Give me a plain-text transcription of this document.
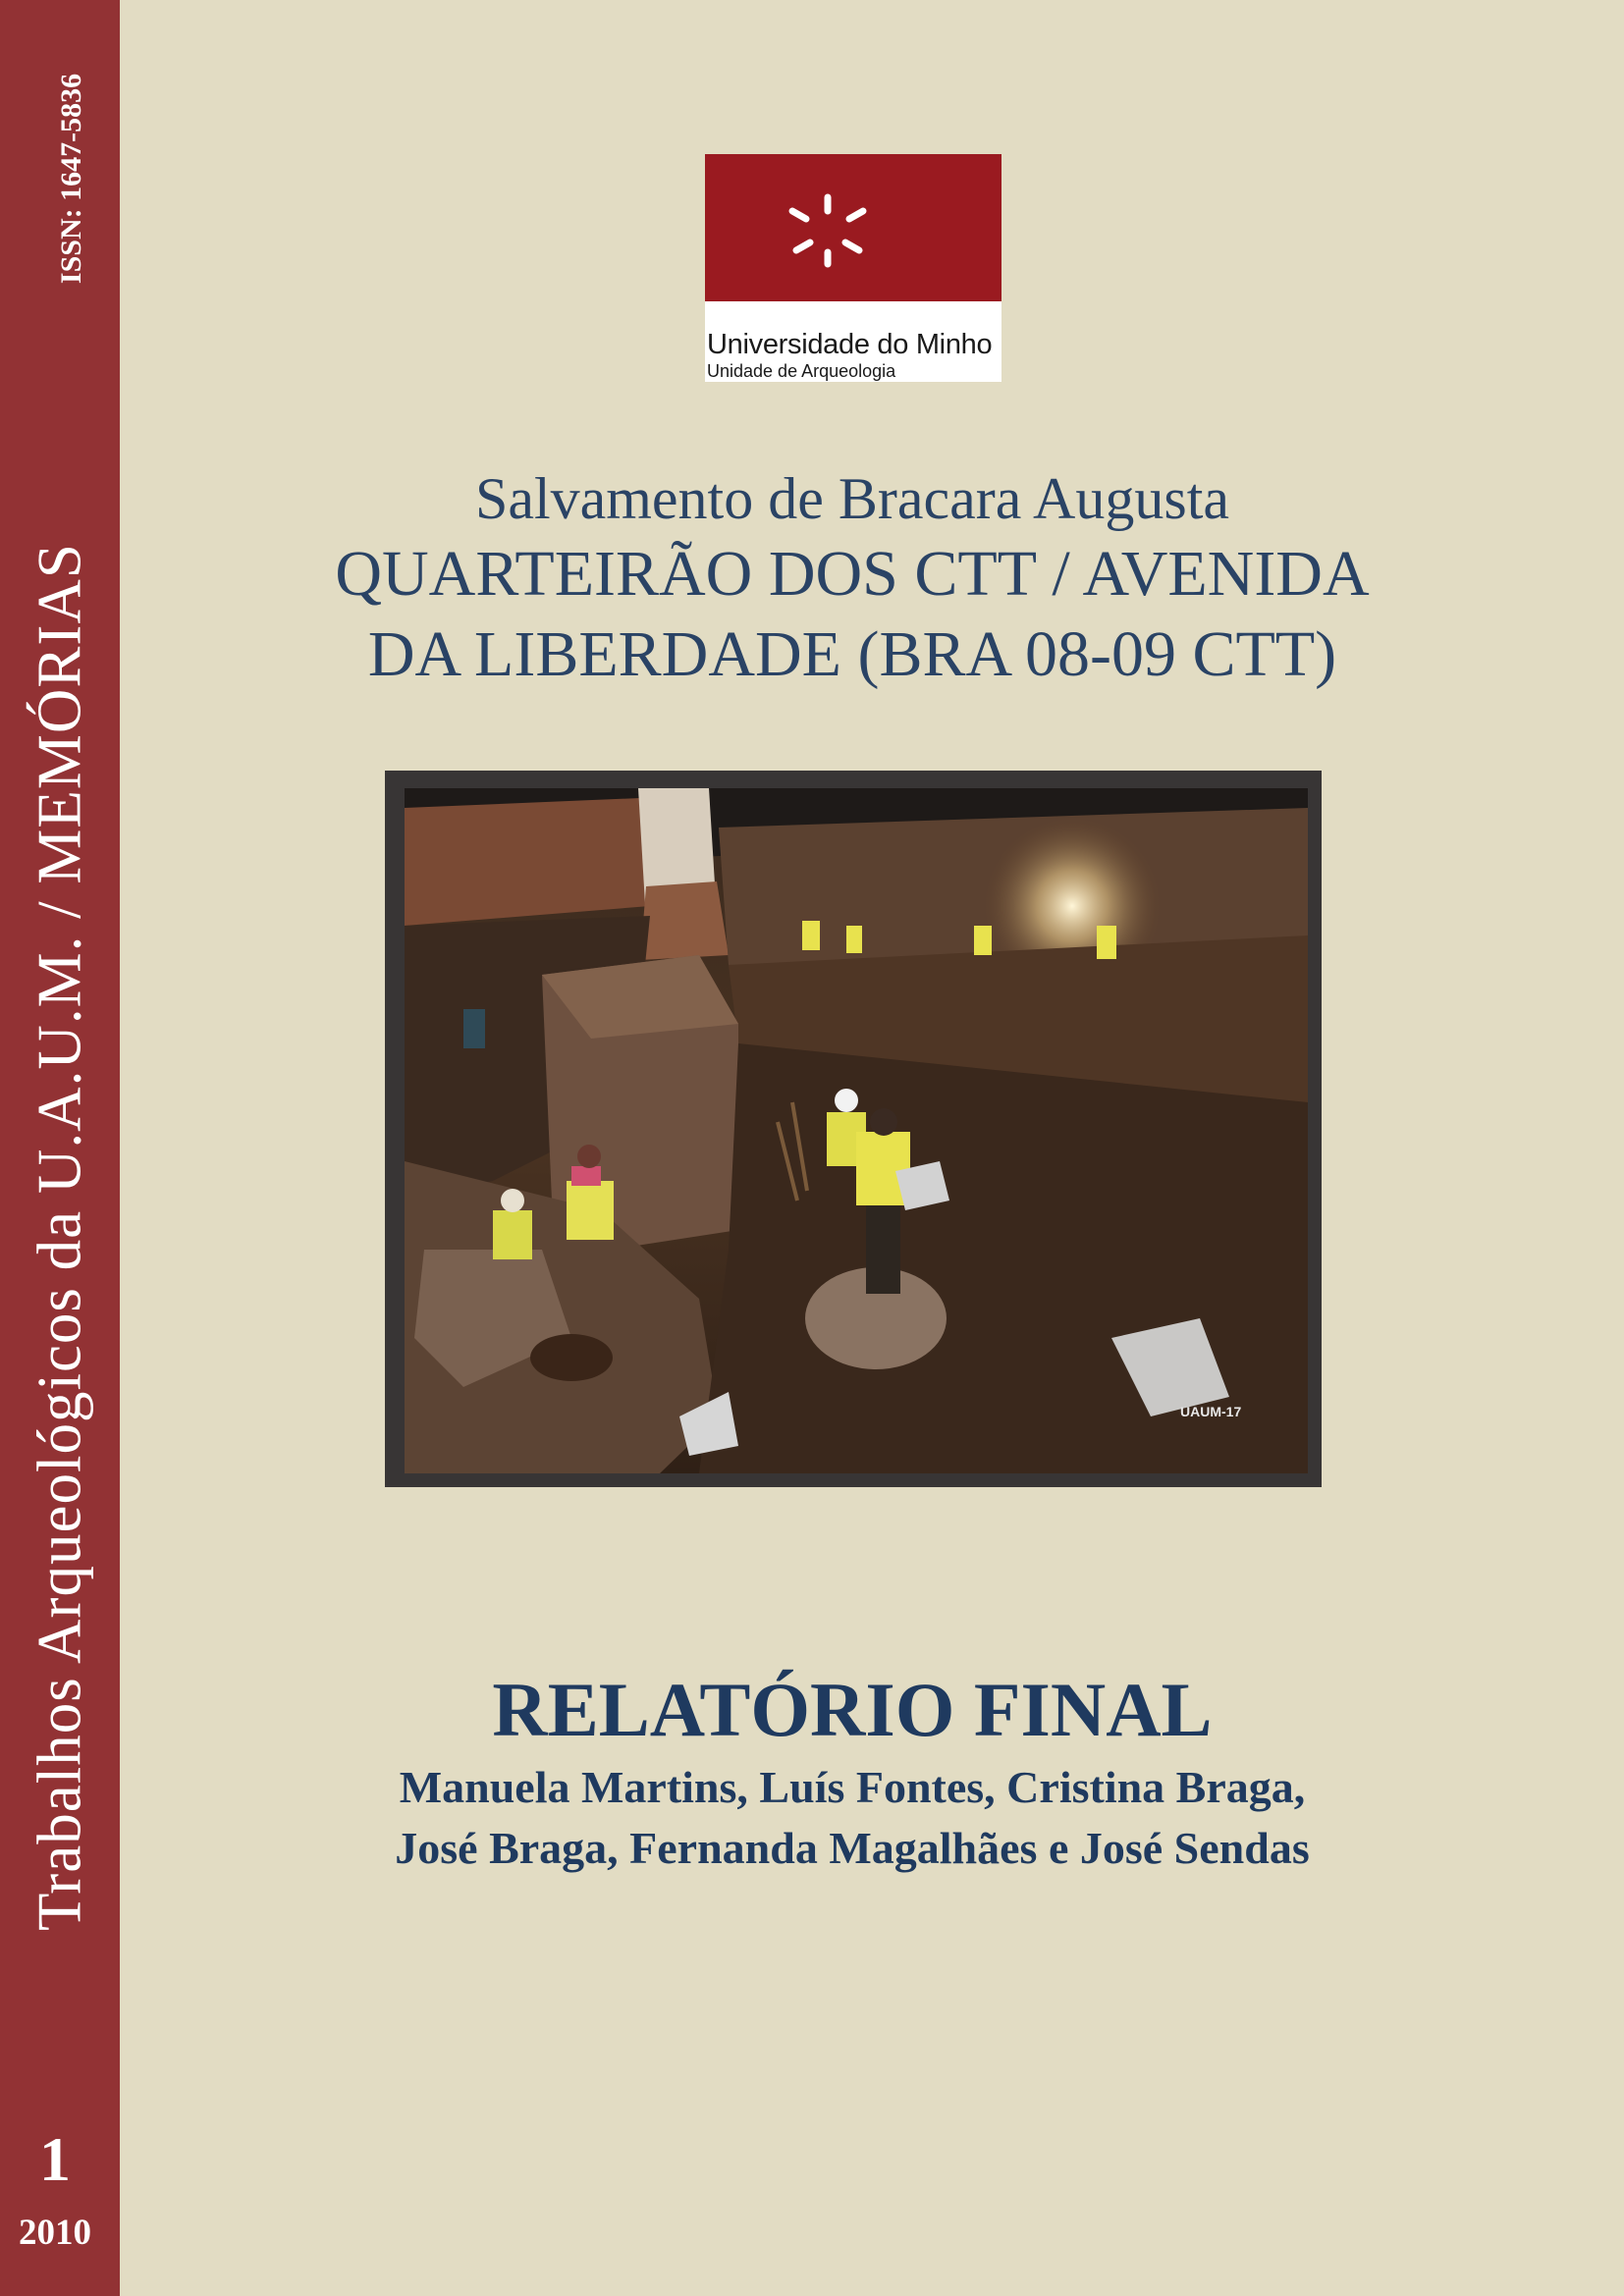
Trabalhos Arqueológicos da U.A.U.M. / MEMÓRIAS
ISSN: 1647-5836
1
2010
Universidade do Minho
Unidade de Arqueologia
Salvamento de Bracara Augusta
QUARTEIRÃO DOS CTT / AVENIDA
DA LIBERDADE (BRA 08-09 CTT)
UAUM-17
RELATÓRIO FINAL
Manuela Martins, Luís Fontes, Cristina Braga,
José Braga, Fernanda Magalhães e José Sendas
